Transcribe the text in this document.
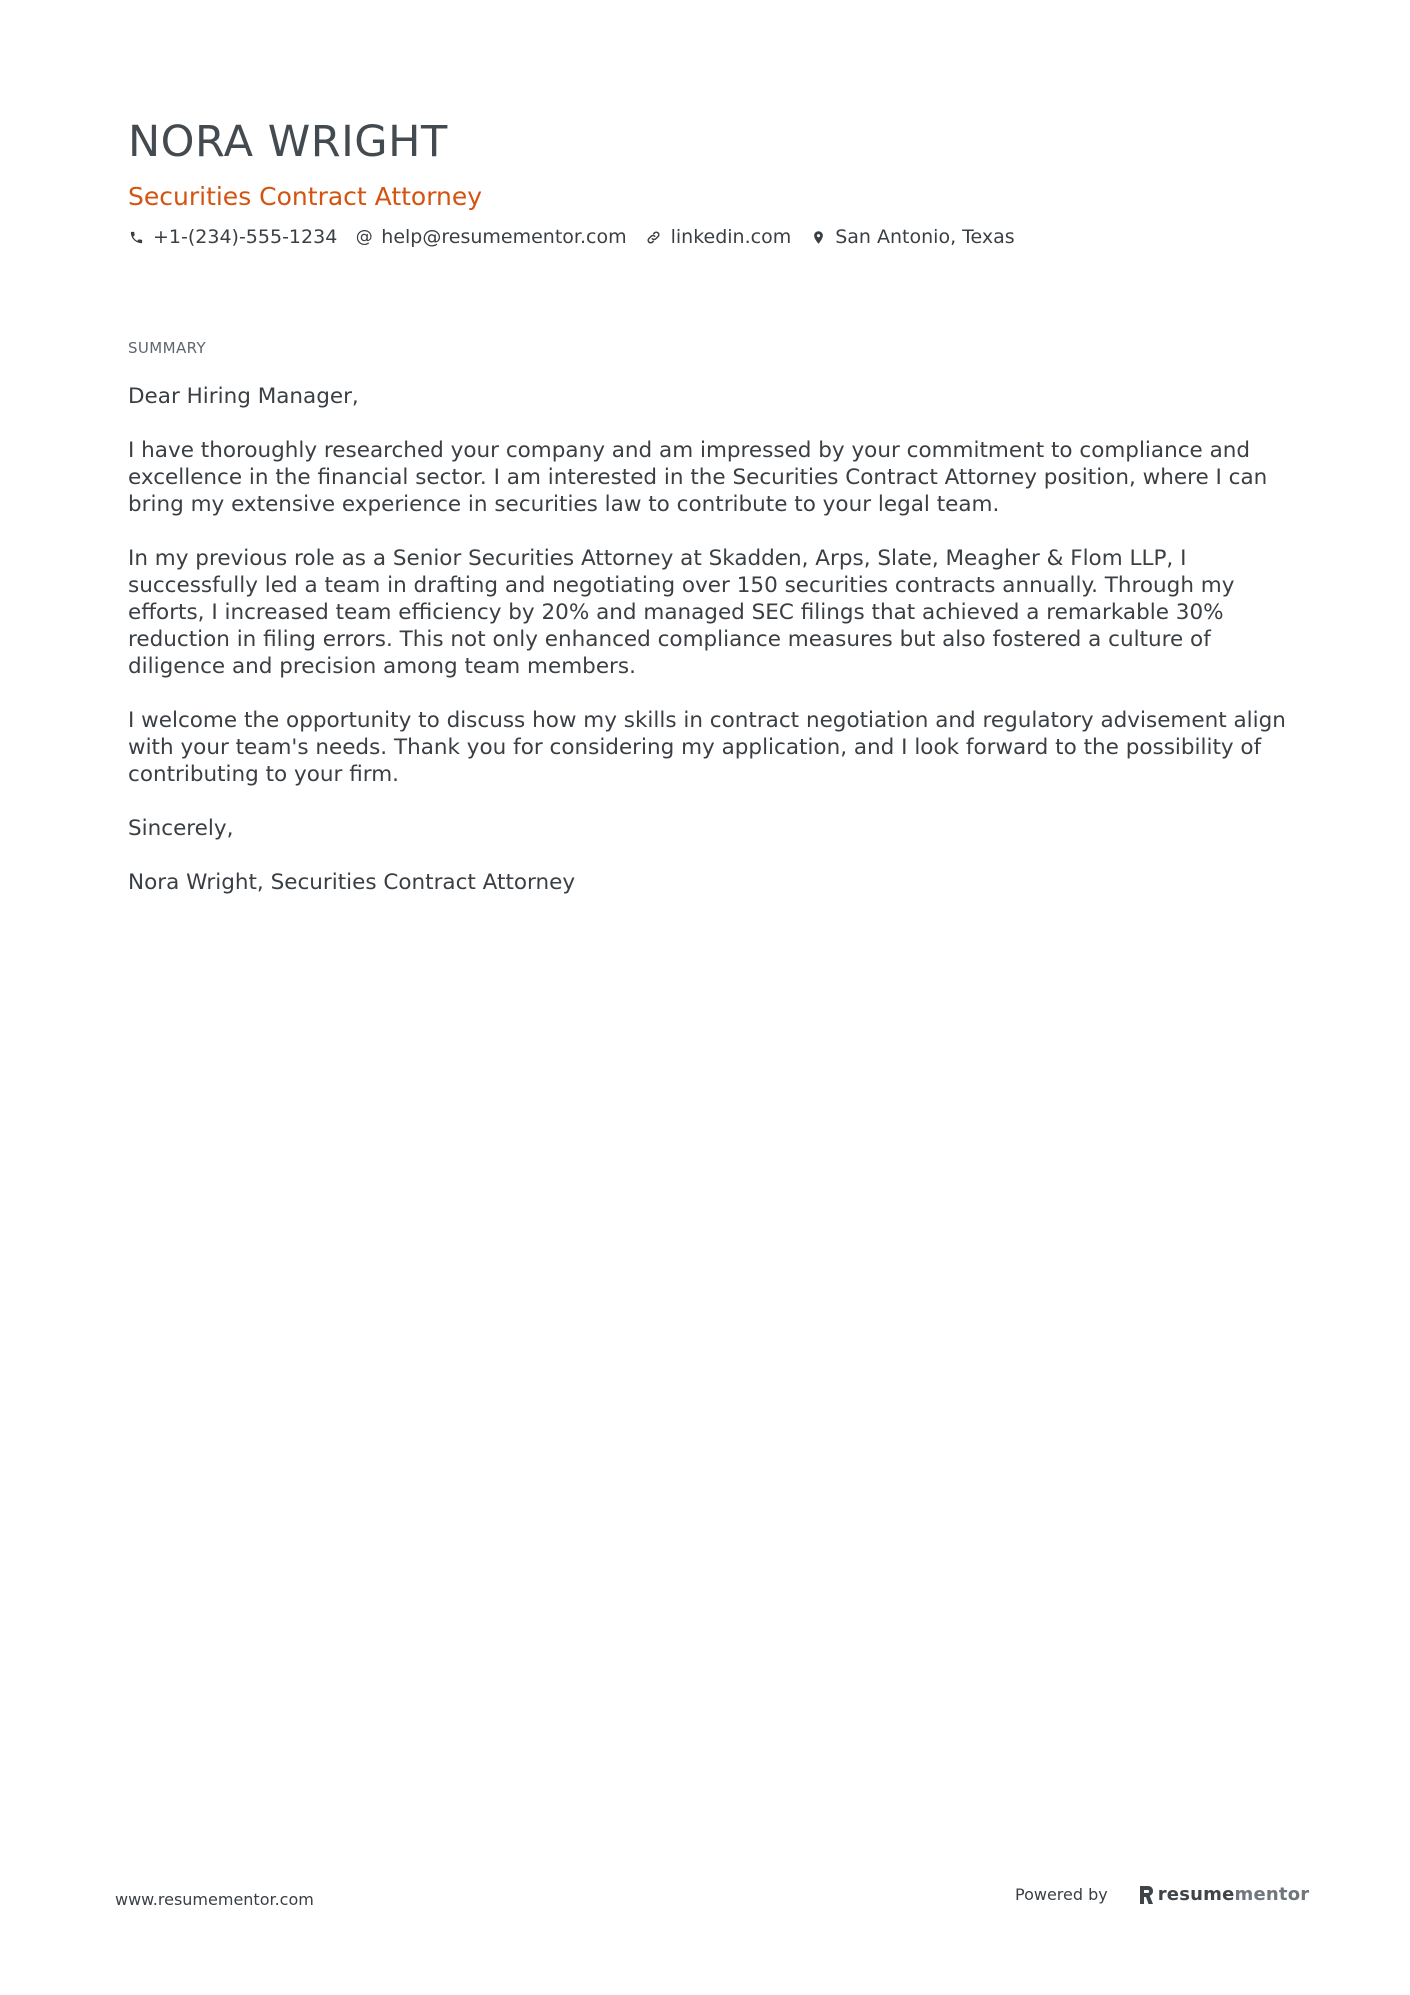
NORA WRIGHT
Securities Contract Attorney
+1-(234)-555-1234 @ help@resumementor.com linkedin.com San Antonio, Texas
SUMMARY

Dear Hiring Manager,

I have thoroughly researched your company and am impressed by your commitment to compliance and excellence in the financial sector. I am interested in the Securities Contract Attorney position, where I can bring my extensive experience in securities law to contribute to your legal team.

In my previous role as a Senior Securities Attorney at Skadden, Arps, Slate, Meagher & Flom LLP, I successfully led a team in drafting and negotiating over 150 securities contracts annually. Through my efforts, I increased team efficiency by 20% and managed SEC filings that achieved a remarkable 30% reduction in filing errors. This not only enhanced compliance measures but also fostered a culture of diligence and precision among team members.

I welcome the opportunity to discuss how my skills in contract negotiation and regulatory advisement align with your team's needs. Thank you for considering my application, and I look forward to the possibility of contributing to your firm.

Sincerely,

Nora Wright, Securities Contract Attorney

www.resumementor.com	Powered by	resume mentor
